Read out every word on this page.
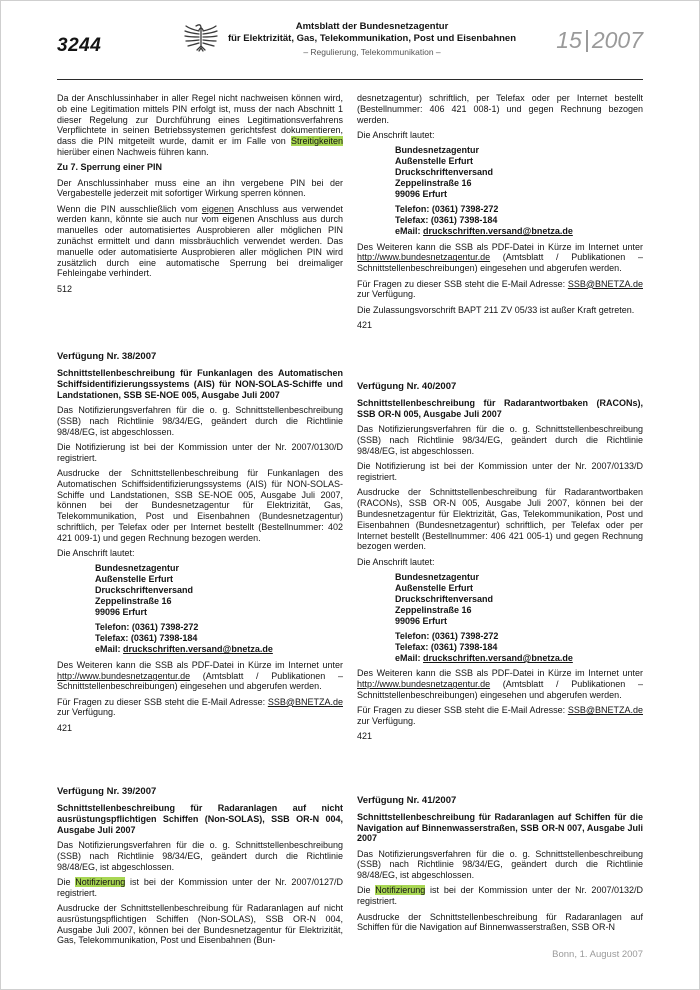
3244
Amtsblatt der Bundesnetzagentur
für Elektrizität, Gas, Telekommunikation, Post und Eisenbahnen
– Regulierung, Telekommunikation –	15 2007

Da der Anschlussinhaber in aller Regel nicht nachweisen können wird, ob eine Legitimation mittels PIN erfolgt ist, muss der nach Abschnitt 1 dieser Regelung zur Durchführung eines Legitimationsverfahrens Verpflichtete in seinen Betriebssystemen gerichtsfest dokumentieren, dass die PIN mitgeteilt wurde, damit er im Falle von Streitigkeiten hierüber einen Nachweis führen kann.

Zu 7. Sperrung einer PIN

Der Anschlussinhaber muss eine an ihn vergebene PIN bei der Vergabestelle jederzeit mit sofortiger Wirkung sperren können.

Wenn die PIN ausschließlich vom eigenen Anschluss aus verwendet werden kann, könnte sie auch nur vom eigenen Anschluss aus durch manuelles oder automatisiertes Ausprobieren aller möglichen PIN zunächst ermittelt und dann missbräuchlich verwendet werden. Das manuelle oder automatisierte Ausprobieren aller möglichen PIN wird zusätzlich durch eine automatische Sperrung bei dreimaliger Fehleingabe verhindert.

512

Verfügung Nr. 38/2007

Schnittstellenbeschreibung für Funkanlagen des Automatischen Schiffsidentifizierungssystems (AIS) für NON-SOLAS-Schiffe und Landstationen, SSB SE-NOE 005, Ausgabe Juli 2007

Das Notifizierungsverfahren für die o. g. Schnittstellenbeschreibung (SSB) nach Richtlinie 98/34/EG, geändert durch die Richtlinie 98/48/EG, ist abgeschlossen.

Die Notifizierung ist bei der Kommission unter der Nr. 2007/0130/D registriert.

Ausdrucke der Schnittstellenbeschreibung für Funkanlagen des Automatischen Schiffsidentifizierungssystems (AIS) für NON-SOLAS-Schiffe und Landstationen, SSB SE-NOE 005, Ausgabe Juli 2007, können bei der Bundesnetzagentur für Elektrizität, Gas, Telekommunikation, Post und Eisenbahnen (Bundesnetzagentur) schriftlich, per Telefax oder per Internet bestellt (Bestellnummer: 402 421 009-1) und gegen Rechnung bezogen werden.

Die Anschrift lautet:

Bundesnetzagentur
Außenstelle Erfurt
Druckschriftenversand
Zeppelinstraße 16
99096 Erfurt
Telefon: (0361) 7398-272
Telefax: (0361) 7398-184
eMail: druckschriften.versand@bnetza.de

Des Weiteren kann die SSB als PDF-Datei in Kürze im Internet unter http://www.bundesnetzagentur.de (Amtsblatt / Publikationen – Schnittstellenbeschreibungen) eingesehen und abgerufen werden.

Für Fragen zu dieser SSB steht die E-Mail Adresse: SSB@BNETZA.de zur Verfügung.

421

Verfügung Nr. 39/2007

Schnittstellenbeschreibung für Radaranlagen auf nicht ausrüstungspflichtigen Schiffen (Non-SOLAS), SSB OR-N 004, Ausgabe Juli 2007

Das Notifizierungsverfahren für die o. g. Schnittstellenbeschreibung (SSB) nach Richtlinie 98/34/EG, geändert durch die Richtlinie 98/48/EG, ist abgeschlossen.

Die Notifizierung ist bei der Kommission unter der Nr. 2007/0127/D registriert.

Ausdrucke der Schnittstellenbeschreibung für Radaranlagen auf nicht ausrüstungspflichtigen Schiffen (Non-SOLAS), SSB OR-N 004, Ausgabe Juli 2007, können bei der Bundesnetzagentur für Elektrizität, Gas, Telekommunikation, Post und Eisenbahnen (Bun-

desnetzagentur) schriftlich, per Telefax oder per Internet bestellt (Bestellnummer: 406 421 008-1) und gegen Rechnung bezogen werden.

Die Anschrift lautet:

Bundesnetzagentur
Außenstelle Erfurt
Druckschriftenversand
Zeppelinstraße 16
99096 Erfurt
Telefon: (0361) 7398-272
Telefax: (0361) 7398-184
eMail: druckschriften.versand@bnetza.de

Des Weiteren kann die SSB als PDF-Datei in Kürze im Internet unter http://www.bundesnetzagentur.de (Amtsblatt / Publikationen – Schnittstellenbeschreibungen) eingesehen und abgerufen werden.

Für Fragen zu dieser SSB steht die E-Mail Adresse: SSB@BNETZA.de zur Verfügung.

Die Zulassungsvorschrift BAPT 211 ZV 05/33 ist außer Kraft getreten.

421

Verfügung Nr. 40/2007

Schnittstellenbeschreibung für Radarantwortbaken (RACONs), SSB OR-N 005, Ausgabe Juli 2007

Das Notifizierungsverfahren für die o. g. Schnittstellenbeschreibung (SSB) nach Richtlinie 98/34/EG, geändert durch die Richtlinie 98/48/EG, ist abgeschlossen.

Die Notifizierung ist bei der Kommission unter der Nr. 2007/0133/D registriert.

Ausdrucke der Schnittstellenbeschreibung für Radarantwortbaken (RACONs), SSB OR-N 005, Ausgabe Juli 2007, können bei der Bundesnetzagentur für Elektrizität, Gas, Telekommunikation, Post und Eisenbahnen (Bundesnetzagentur) schriftlich, per Telefax oder per Internet bestellt (Bestellnummer: 406 421 005-1) und gegen Rechnung bezogen werden.

Die Anschrift lautet:

Bundesnetzagentur
Außenstelle Erfurt
Druckschriftenversand
Zeppelinstraße 16
99096 Erfurt
Telefon: (0361) 7398-272
Telefax: (0361) 7398-184
eMail: druckschriften.versand@bnetza.de

Des Weiteren kann die SSB als PDF-Datei in Kürze im Internet unter http://www.bundesnetzagentur.de (Amtsblatt / Publikationen – Schnittstellenbeschreibungen) eingesehen und abgerufen werden.

Für Fragen zu dieser SSB steht die E-Mail Adresse: SSB@BNETZA.de zur Verfügung.

421

Verfügung Nr. 41/2007

Schnittstellenbeschreibung für Radaranlagen auf Schiffen für die Navigation auf Binnenwasserstraßen, SSB OR-N 007, Ausgabe Juli 2007

Das Notifizierungsverfahren für die o. g. Schnittstellenbeschreibung (SSB) nach Richtlinie 98/34/EG, geändert durch die Richtlinie 98/48/EG, ist abgeschlossen.

Die Notifizierung ist bei der Kommission unter der Nr. 2007/0132/D registriert.

Ausdrucke der Schnittstellenbeschreibung für Radaranlagen auf Schiffen für die Navigation auf Binnenwasserstraßen, SSB OR-N

Bonn, 1. August 2007
